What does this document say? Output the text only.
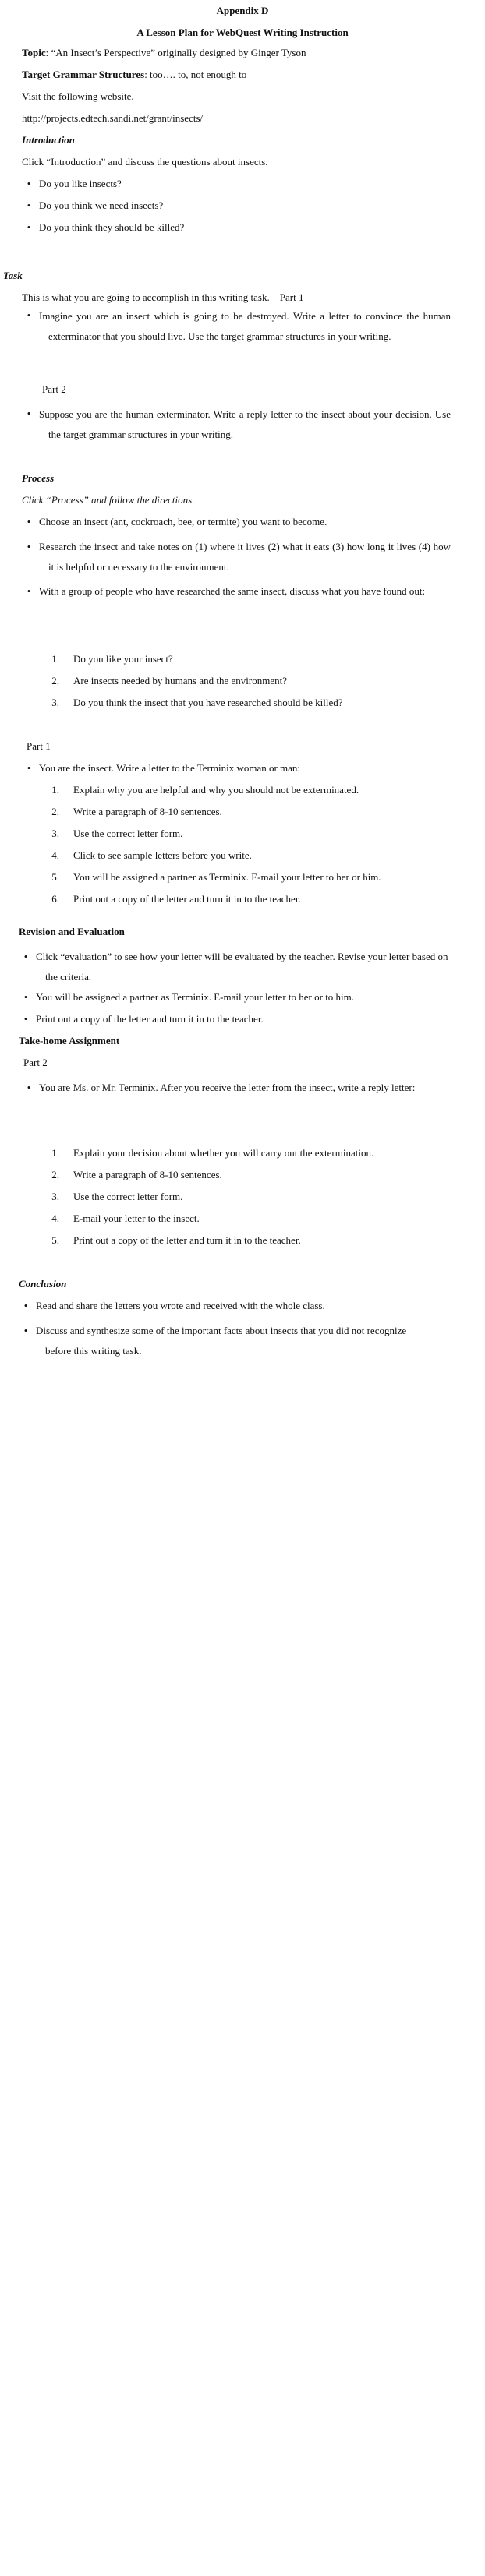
Appendix D
A Lesson Plan for WebQuest Writing Instruction
Topic: “An Insect’s Perspective” originally designed by Ginger Tyson
Target Grammar Structures: too…. to, not enough to
Visit the following website.
http://projects.edtech.sandi.net/grant/insects/
Introduction
Click “Introduction” and discuss the questions about insects.
• Do you like insects?
• Do you think we need insects?
• Do you think they should be killed?
Task
This is what you are going to accomplish in this writing task. Part 1
• Imagine you are an insect which is going to be destroyed. Write a letter to convince the human exterminator that you should live. Use the target grammar structures in your writing.
Part 2
• Suppose you are the human exterminator. Write a reply letter to the insect about your decision. Use the target grammar structures in your writing.
Process
Click “Process” and follow the directions.
• Choose an insect (ant, cockroach, bee, or termite) you want to become.
• Research the insect and take notes on (1) where it lives (2) what it eats (3) how long it lives (4) how it is helpful or necessary to the environment.
• With a group of people who have researched the same insect, discuss what you have found out:
1. Do you like your insect?
2. Are insects needed by humans and the environment?
3. Do you think the insect that you have researched should be killed?
Part 1
• You are the insect. Write a letter to the Terminix woman or man:
1. Explain why you are helpful and why you should not be exterminated.
2. Write a paragraph of 8-10 sentences.
3. Use the correct letter form.
4. Click to see sample letters before you write.
5. You will be assigned a partner as Terminix. E-mail your letter to her or him.
6. Print out a copy of the letter and turn it in to the teacher.
Revision and Evaluation
• Click “evaluation” to see how your letter will be evaluated by the teacher. Revise your letter based on the criteria.
• You will be assigned a partner as Terminix. E-mail your letter to her or to him.
• Print out a copy of the letter and turn it in to the teacher.
Take-home Assignment
Part 2
• You are Ms. or Mr. Terminix. After you receive the letter from the insect, write a reply letter:
1. Explain your decision about whether you will carry out the extermination.
2. Write a paragraph of 8-10 sentences.
3. Use the correct letter form.
4. E-mail your letter to the insect.
5. Print out a copy of the letter and turn it in to the teacher.
Conclusion
• Read and share the letters you wrote and received with the whole class.
• Discuss and synthesize some of the important facts about insects that you did not recognize before this writing task.
